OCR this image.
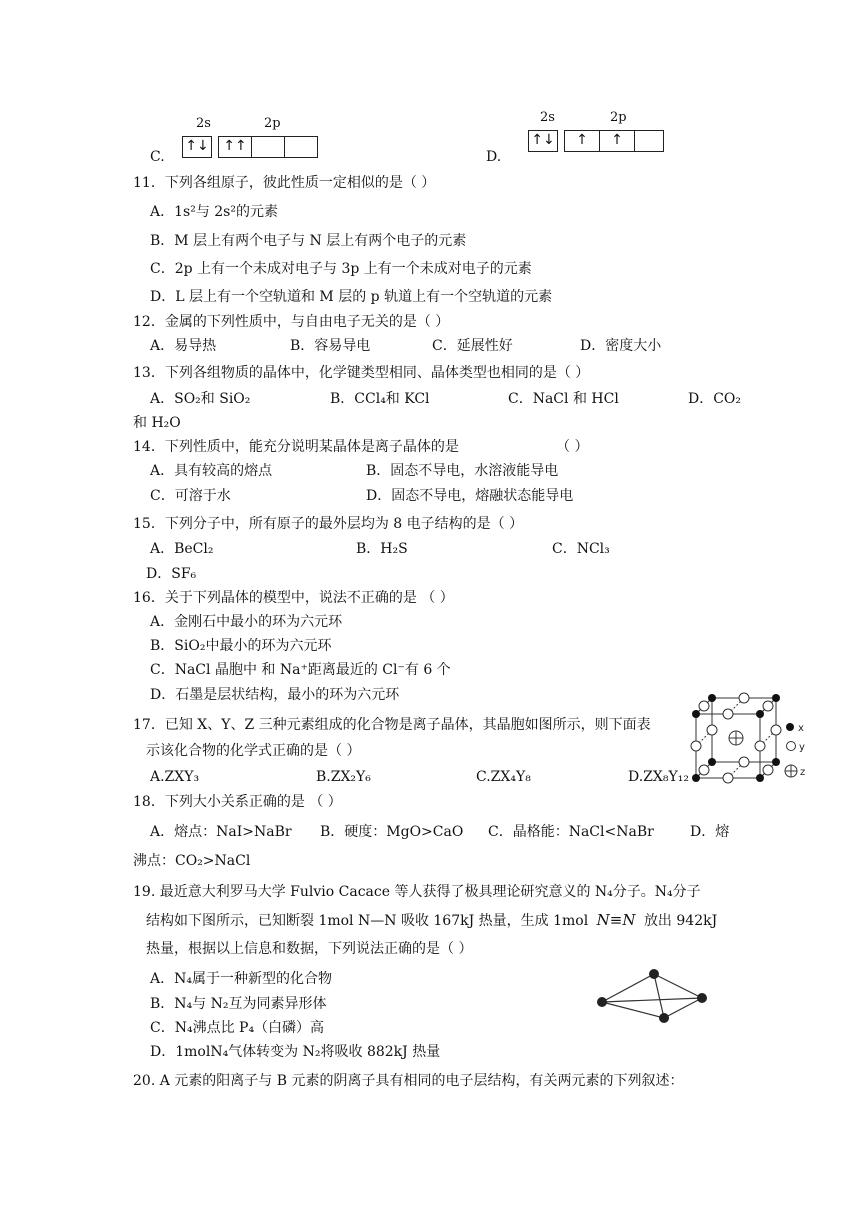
C.
2s	2p
↑↓	↑↑
D.
2s	2p
↑↓	↑	↑
11．下列各组原子，彼此性质一定相似的是（ ）
A．1s²与 2s²的元素
B．M 层上有两个电子与 N 层上有两个电子的元素
C．2p 上有一个未成对电子与 3p 上有一个未成对电子的元素
D．L 层上有一个空轨道和 M 层的 p 轨道上有一个空轨道的元素
12．金属的下列性质中，与自由电子无关的是（ ）
A．易导热	B．容易导电	C．延展性好	D．密度大小
13．下列各组物质的晶体中，化学键类型相同、晶体类型也相同的是（ ）
A．SO₂和 SiO₂	B．CCl₄和 KCl	C．NaCl 和 HCl	D．CO₂
和 H₂O
14．下列性质中，能充分说明某晶体是离子晶体的是	（ ）
A．具有较高的熔点	B．固态不导电，水溶液能导电
C．可溶于水	D．固态不导电，熔融状态能导电
15．下列分子中，所有原子的最外层均为 8 电子结构的是（ ）
A．BeCl₂	B．H₂S	C．NCl₃
D．SF₆
16．关于下列晶体的模型中，说法不正确的是 （ ）
A．金刚石中最小的环为六元环
B．SiO₂中最小的环为六元环
C．NaCl 晶胞中 和 Na⁺距离最近的 Cl⁻有 6 个
D．石墨是层状结构，最小的环为六元环
17．已知 X、Y、Z 三种元素组成的化合物是离子晶体，其晶胞如图所示，则下面表
示该化合物的化学式正确的是（ ）
A.ZXY₃	B.ZX₂Y₆	C.ZX₄Y₈	D.ZX₈Y₁₂
x
y
z
18．下列大小关系正确的是 （ ）
A．熔点：NaI>NaBr B．硬度：MgO>CaO C．晶格能：NaCl<NaBr	D．熔
沸点：CO₂>NaCl
19. 最近意大利罗马大学 Fulvio Cacace 等人获得了极具理论研究意义的 N₄分子。N₄分子
结构如下图所示，已知断裂 1mol N—N 吸收 167kJ 热量，生成 1mol N≡N 放出 942kJ
热量，根据以上信息和数据，下列说法正确的是（ ）
A．N₄属于一种新型的化合物
B．N₄与 N₂互为同素异形体
C．N₄沸点比 P₄（白磷）高
D．1molN₄气体转变为 N₂将吸收 882kJ 热量
20. A 元素的阳离子与 B 元素的阴离子具有相同的电子层结构，有关两元素的下列叙述：
